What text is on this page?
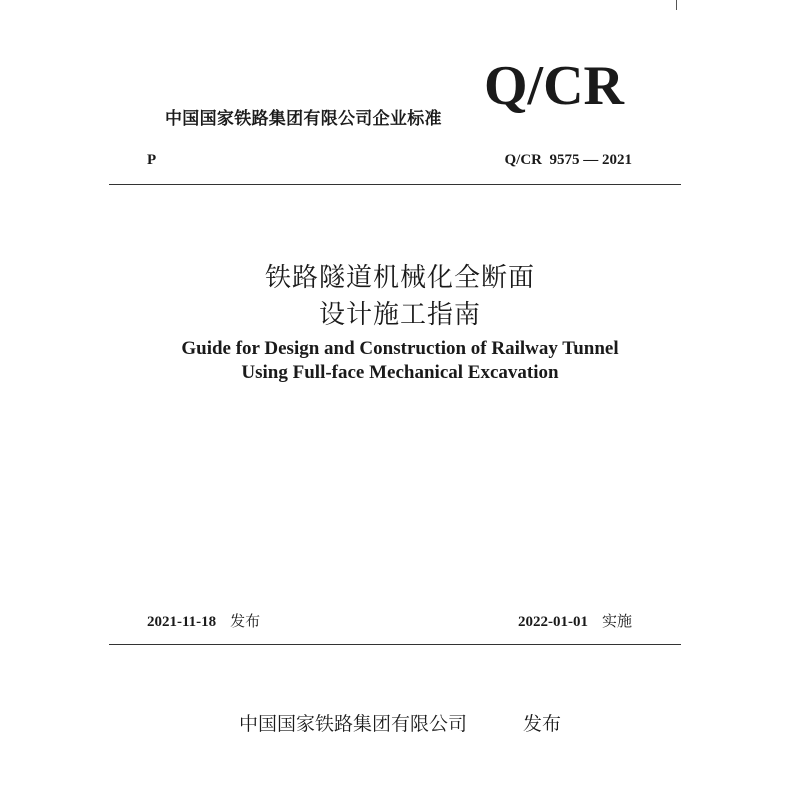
中国国家铁路集团有限公司企业标准
Q/CR
P	Q/CR  9575 — 2021
铁路隧道机械化全断面
设计施工指南
Guide for Design and Construction of Railway Tunnel
Using Full-face Mechanical Excavation
2021-11-18 发布	2022-01-01 实施
中国国家铁路集团有限公司	发布
